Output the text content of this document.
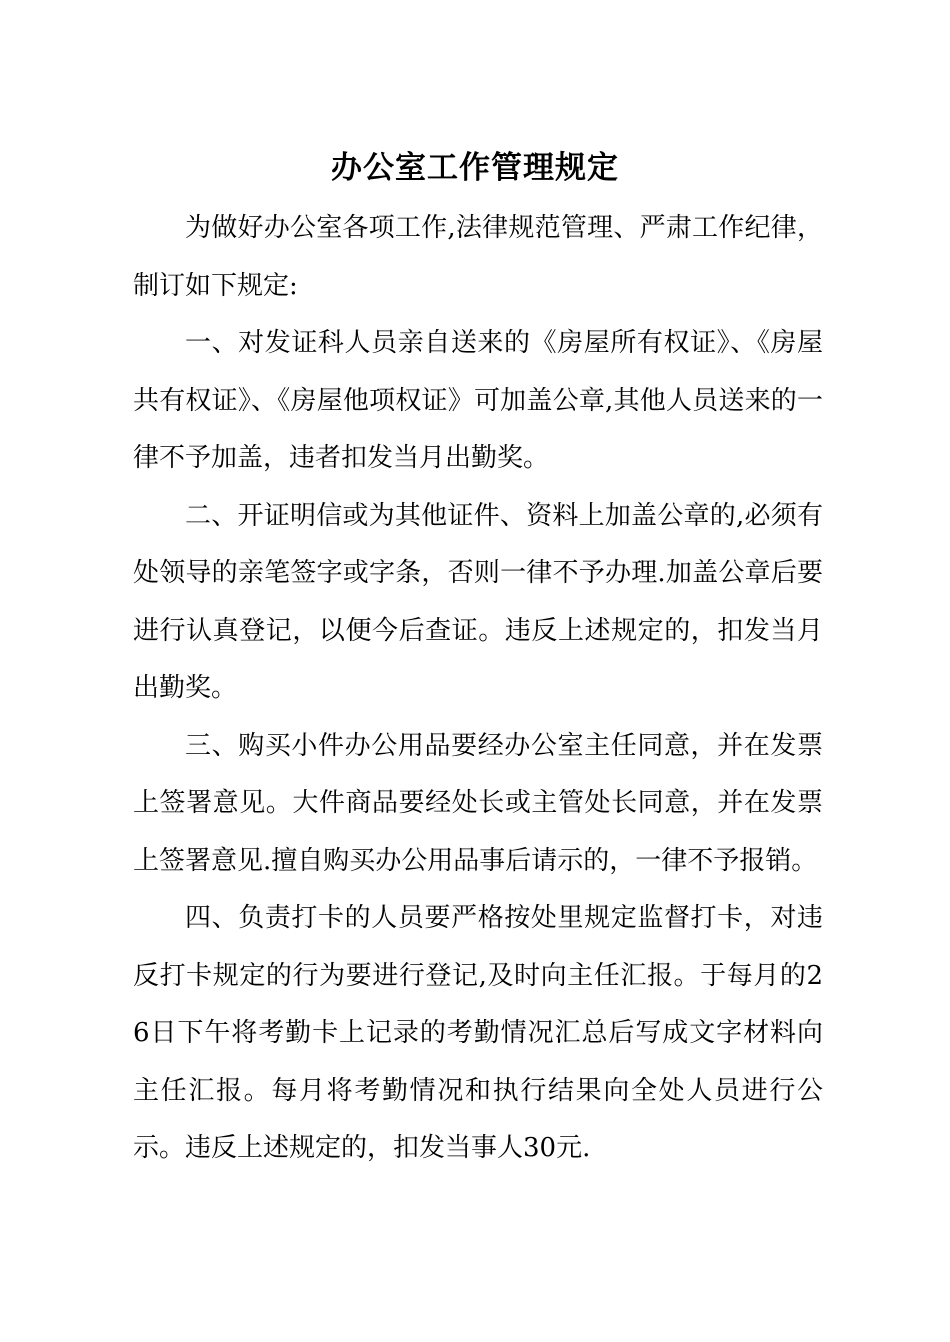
办公室工作管理规定

为做好办公室各项工作,法律规范管理、严肃工作纪律，制订如下规定:

一、对发证科人员亲自送来的《房屋所有权证》、《房屋共有权证》、《房屋他项权证》可加盖公章,其他人员送来的一律不予加盖，违者扣发当月出勤奖。

二、开证明信或为其他证件、资料上加盖公章的,必须有处领导的亲笔签字或字条，否则一律不予办理.加盖公章后要进行认真登记，以便今后查证。违反上述规定的，扣发当月出勤奖。

三、购买小件办公用品要经办公室主任同意，并在发票上签署意见。大件商品要经处长或主管处长同意，并在发票上签署意见.擅自购买办公用品事后请示的，一律不予报销。

四、负责打卡的人员要严格按处里规定监督打卡，对违反打卡规定的行为要进行登记,及时向主任汇报。于每月的26日下午将考勤卡上记录的考勤情况汇总后写成文字材料向主任汇报。每月将考勤情况和执行结果向全处人员进行公示。违反上述规定的，扣发当事人30元.
